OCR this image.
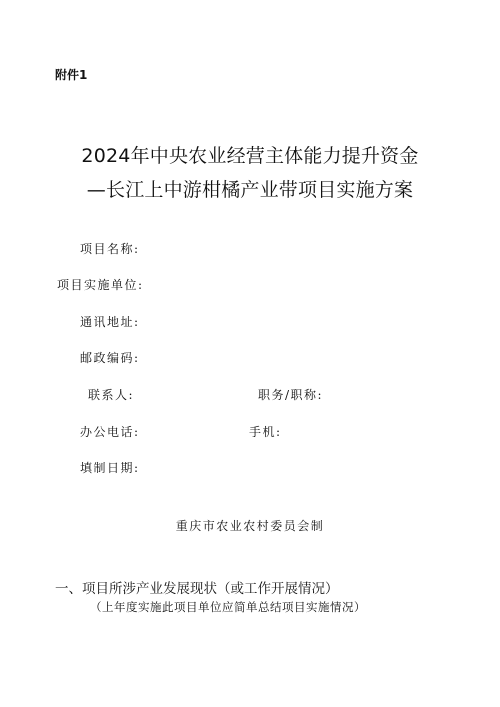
附件1
2024年中央农业经营主体能力提升资金
—长江上中游柑橘产业带项目实施方案
项目名称:
项目实施单位:
通讯地址:
邮政编码:
联系人:	职务/职称:
办公电话:	手机:
填制日期:
重庆市农业农村委员会制
一、项目所涉产业发展现状（或工作开展情况）
（上年度实施此项目单位应简单总结项目实施情况）
